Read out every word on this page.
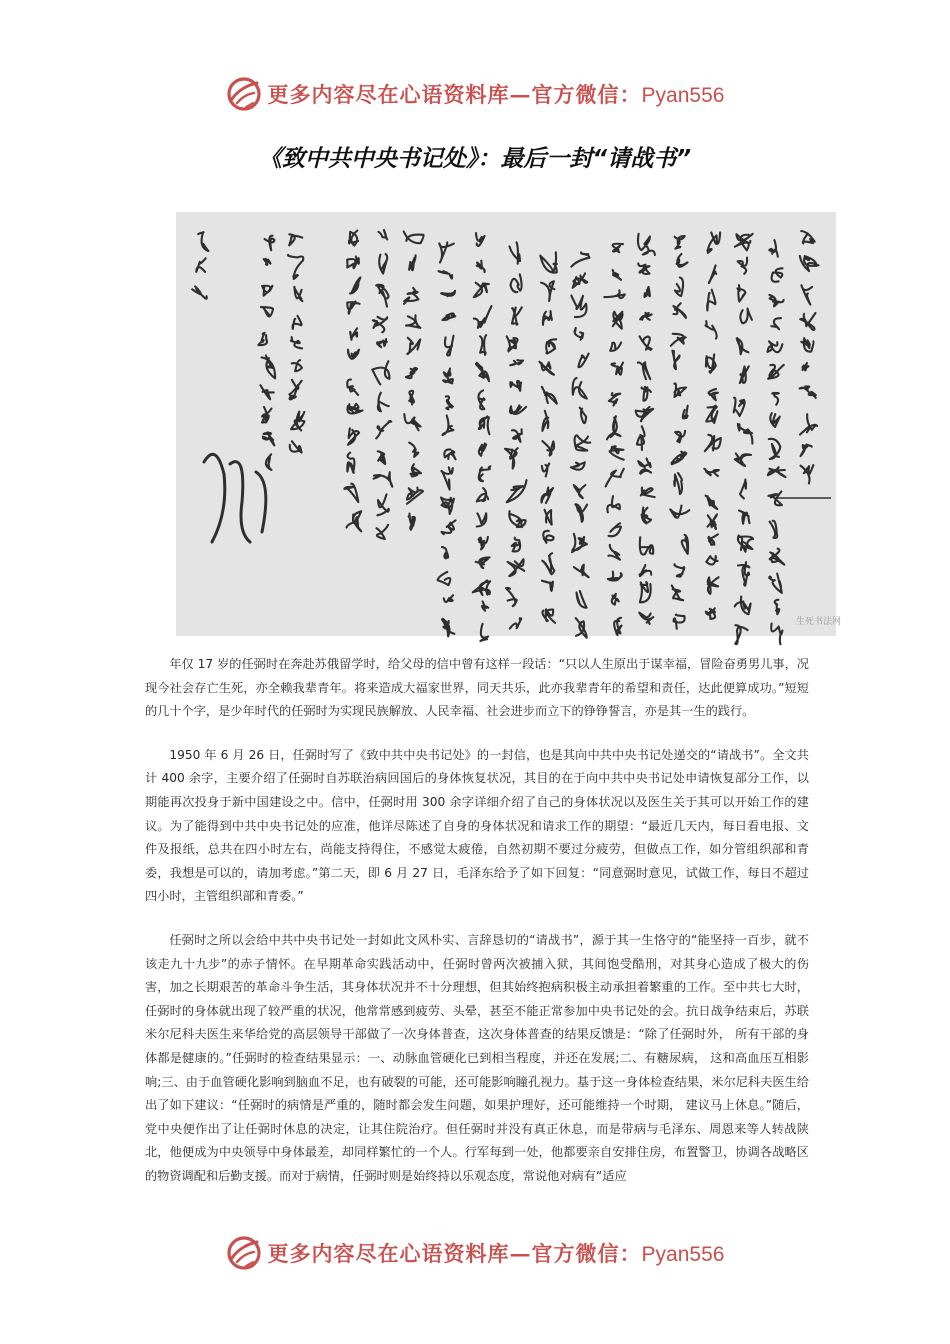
更多内容尽在心语资料库—官方微信：Pyan556
《致中共中央书记处》：最后一封“请战书”
生死书法网

年仅 17 岁的任弼时在奔赴苏俄留学时，给父母的信中曾有这样一段话：“只以人生原出于谋幸福，冒险奋勇男儿事，况现今社会存亡生死，亦全赖我辈青年。将来造成大福家世界，同天共乐，此亦我辈青年的希望和责任，达此便算成功。”短短的几十个字，是少年时代的任弼时为实现民族解放、人民幸福、社会进步而立下的铮铮誓言，亦是其一生的践行。

1950 年 6 月 26 日，任弼时写了《致中共中央书记处》的一封信，也是其向中共中央书记处递交的“请战书”。全文共计 400 余字，主要介绍了任弼时自苏联治病回国后的身体恢复状况，其目的在于向中共中央书记处申请恢复部分工作，以期能再次投身于新中国建设之中。信中，任弼时用 300 余字详细介绍了自己的身体状况以及医生关于其可以开始工作的建议。为了能得到中共中央书记处的应准，他详尽陈述了自身的身体状况和请求工作的期望：“最近几天内，每日看电报、文件及报纸，总共在四小时左右，尚能支持得住，不感觉太疲倦，自然初期不要过分疲劳，但做点工作，如分管组织部和青委，我想是可以的，请加考虑。”第二天，即 6 月 27 日，毛泽东给予了如下回复：“同意弼时意见，试做工作，每日不超过四小时，主管组织部和青委。”

任弼时之所以会给中共中央书记处一封如此文风朴实、言辞恳切的“请战书”，源于其一生恪守的“能坚持一百步，就不该走九十九步”的赤子情怀。在早期革命实践活动中，任弼时曾两次被捕入狱，其间饱受酷刑，对其身心造成了极大的伤害，加之长期艰苦的革命斗争生活，其身体状况并不十分理想，但其始终抱病积极主动承担着繁重的工作。至中共七大时，任弼时的身体就出现了较严重的状况，他常常感到疲劳、头晕，甚至不能正常参加中央书记处的会。抗日战争结束后，苏联米尔尼科夫医生来华给党的高层领导干部做了一次身体普查，这次身体普查的结果反馈是：“除了任弼时外， 所有干部的身体都是健康的。”任弼时的检查结果显示：一、动脉血管硬化已到相当程度，并还在发展;二、有糖尿病， 这和高血压互相影响;三、由于血管硬化影响到脑血不足，也有破裂的可能，还可能影响瞳孔视力。基于这一身体检查结果，米尔尼科夫医生给出了如下建议：“任弼时的病情是严重的，随时都会发生问题，如果护理好，还可能维持一个时期， 建议马上休息。”随后，党中央便作出了让任弼时休息的决定，让其住院治疗。但任弼时并没有真正休息，而是带病与毛泽东、周恩来等人转战陕北，他便成为中央领导中身体最差，却同样繁忙的一个人。行军每到一处，他都要亲自安排住房，布置警卫，协调各战略区的物资调配和后勤支援。而对于病情，任弼时则是始终持以乐观态度，常说他对病有“适应

更多内容尽在心语资料库—官方微信：Pyan556
